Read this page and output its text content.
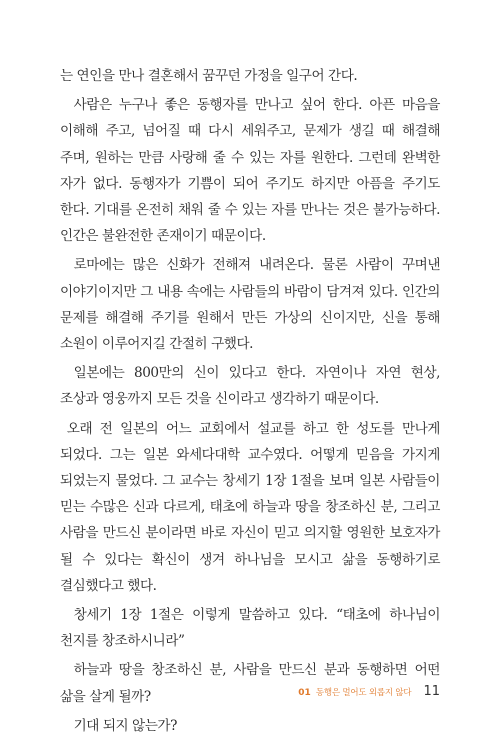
는 연인을 만나 결혼해서 꿈꾸던 가정을 일구어 간다.

사람은 누구나 좋은 동행자를 만나고 싶어 한다. 아픈 마음을 이해해 주고, 넘어질 때 다시 세워주고, 문제가 생길 때 해결해 주며, 원하는 만큼 사랑해 줄 수 있는 자를 원한다. 그런데 완벽한 자가 없다. 동행자가 기쁨이 되어 주기도 하지만 아픔을 주기도 한다. 기대를 온전히 채워 줄 수 있는 자를 만나는 것은 불가능하다. 인간은 불완전한 존재이기 때문이다.

로마에는 많은 신화가 전해져 내려온다. 물론 사람이 꾸며낸 이야기이지만 그 내용 속에는 사람들의 바람이 담겨져 있다. 인간의 문제를 해결해 주기를 원해서 만든 가상의 신이지만, 신을 통해 소원이 이루어지길 간절히 구했다.

일본에는 800만의 신이 있다고 한다. 자연이나 자연 현상, 조상과 영웅까지 모든 것을 신이라고 생각하기 때문이다.

오래 전 일본의 어느 교회에서 설교를 하고 한 성도를 만나게 되었다. 그는 일본 와세다대학 교수였다. 어떻게 믿음을 가지게 되었는지 물었다. 그 교수는 창세기 1장 1절을 보며 일본 사람들이 믿는 수많은 신과 다르게, 태초에 하늘과 땅을 창조하신 분, 그리고 사람을 만드신 분이라면 바로 자신이 믿고 의지할 영원한 보호자가 될 수 있다는 확신이 생겨 하나님을 모시고 삶을 동행하기로 결심했다고 했다.

창세기 1장 1절은 이렇게 말씀하고 있다. “태초에 하나님이 천지를 창조하시니라”

하늘과 땅을 창조하신 분, 사람을 만드신 분과 동행하면 어떤 삶을 살게 될까?

기대 되지 않는가?

01 동행은 멀어도 외롭지 않다 11
